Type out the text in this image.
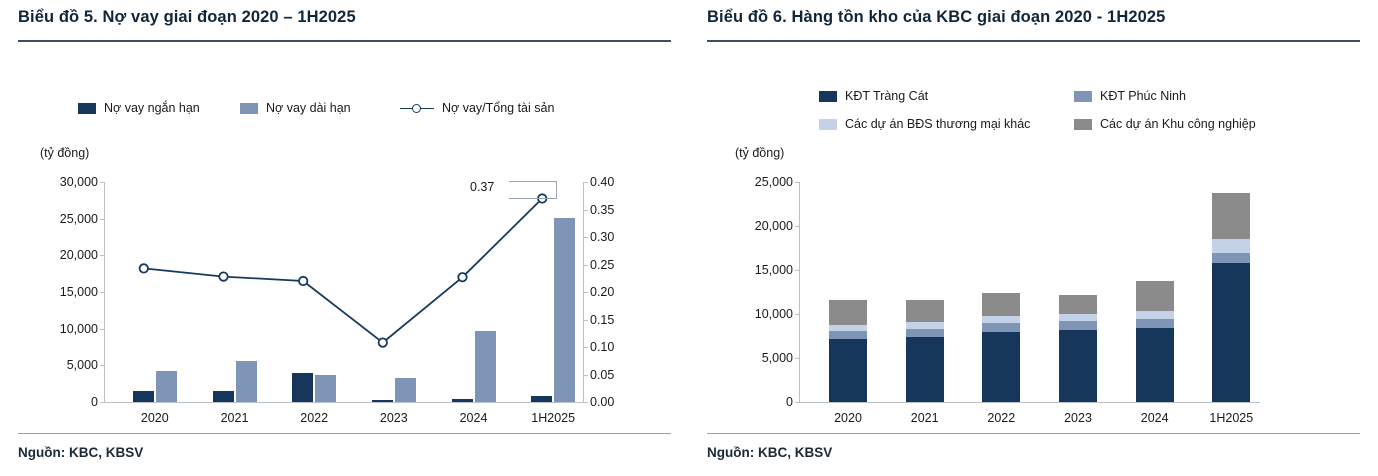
Biểu đồ 5. Nợ vay giai đoạn 2020 – 1H2025
Nợ vay ngắn hạn	Nợ vay dài hạn	Nợ vay/Tổng tài sản
(tỷ đồng)
30,000
25,000
20,000
15,000
10,000
5,000
0
0.40
0.35
0.30
0.25
0.20
0.15
0.10
0.05
0.00
2020	2021	2022	2023	2024	1H2025
0.37
Nguồn: KBC, KBSV
Biểu đồ 6. Hàng tồn kho của KBC giai đoạn 2020 - 1H2025
KĐT Tràng Cát	KĐT Phúc Ninh
Các dự án BĐS thương mại khác	Các dự án Khu công nghiệp
(tỷ đồng)
25,000
20,000
15,000
10,000
5,000
0
2020	2021	2022	2023	2024	1H2025
Nguồn: KBC, KBSV
